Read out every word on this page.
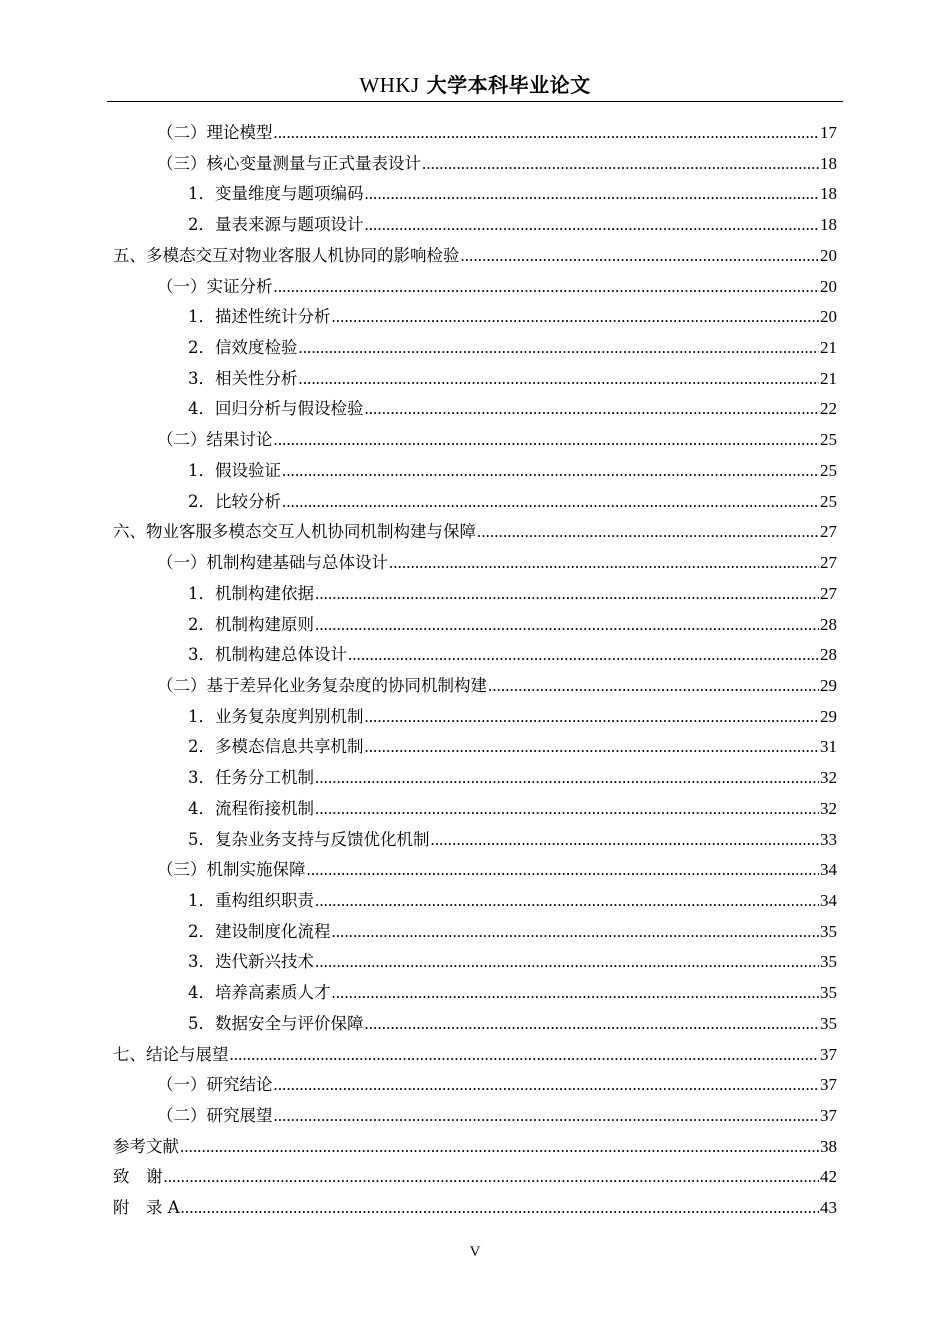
WHKJ 大学本科毕业论文
（二）理论模型 .....	17
（三）核心变量测量与正式量表设计 .....	18
1．变量维度与题项编码 .....	18
2．量表来源与题项设计 .....	18
五、多模态交互对物业客服人机协同的影响检验 .....	20
（一）实证分析 .....	20
1．描述性统计分析 .....	20
2．信效度检验 .....	21
3．相关性分析 .....	21
4．回归分析与假设检验 .....	22
（二）结果讨论 .....	25
1．假设验证 .....	25
2．比较分析 .....	25
六、物业客服多模态交互人机协同机制构建与保障 .....	27
（一）机制构建基础与总体设计 .....	27
1．机制构建依据 .....	27
2．机制构建原则 .....	28
3．机制构建总体设计 .....	28
（二）基于差异化业务复杂度的协同机制构建 .....	29
1．业务复杂度判别机制 .....	29
2．多模态信息共享机制 .....	31
3．任务分工机制 .....	32
4．流程衔接机制 .....	32
5．复杂业务支持与反馈优化机制 .....	33
（三）机制实施保障 .....	34
1．重构组织职责 .....	34
2．建设制度化流程 .....	35
3．迭代新兴技术 .....	35
4．培养高素质人才 .....	35
5．数据安全与评价保障 .....	35
七、结论与展望 .....	37
（一）研究结论 .....	37
（二）研究展望 .....	37
参考文献 .....	38
致　谢 .....	42
附　录 A .....	43
V
